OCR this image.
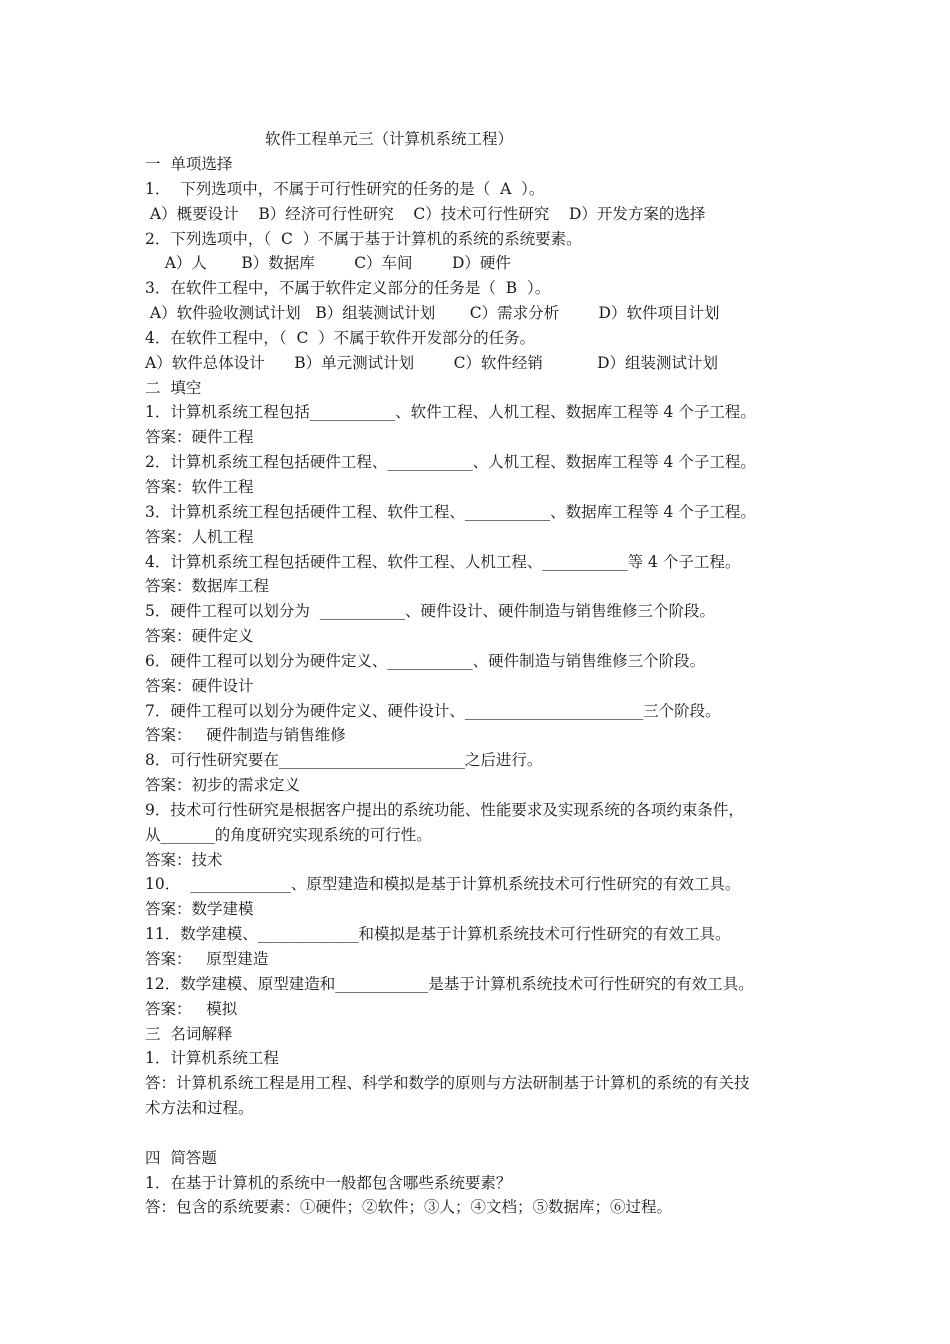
软件工程单元三（计算机系统工程）
一  单项选择
1．  下列选项中，不属于可行性研究的任务的是（  A  ）。
A）概要设计    B）经济可行性研究    C）技术可行性研究    D）开发方案的选择
2．下列选项中，（  C  ）不属于基于计算机的系统的系统要素。
A）人       B）数据库        C）车间        D）硬件
3．在软件工程中，不属于软件定义部分的任务是（  B  ）。
A）软件验收测试计划   B）组装测试计划       C）需求分析        D）软件项目计划
4．在软件工程中，（  C  ）不属于软件开发部分的任务。
A）软件总体设计      B）单元测试计划        C）软件经销           D）组装测试计划
二  填空
1．计算机系统工程包括___________、软件工程、人机工程、数据库工程等 4 个子工程。
答案：硬件工程
2．计算机系统工程包括硬件工程、___________、人机工程、数据库工程等 4 个子工程。
答案：软件工程
3．计算机系统工程包括硬件工程、软件工程、___________、数据库工程等 4 个子工程。
答案：人机工程
4．计算机系统工程包括硬件工程、软件工程、人机工程、___________等 4 个子工程。
答案：数据库工程
5．硬件工程可以划分为  ___________、硬件设计、硬件制造与销售维修三个阶段。
答案：硬件定义
6．硬件工程可以划分为硬件定义、___________、硬件制造与销售维修三个阶段。
答案：硬件设计
7．硬件工程可以划分为硬件定义、硬件设计、_______________________三个阶段。
答案：   硬件制造与销售维修
8．可行性研究要在________________________之后进行。
答案：初步的需求定义
9．技术可行性研究是根据客户提出的系统功能、性能要求及实现系统的各项约束条件，
从_______的角度研究实现系统的可行性。
答案：技术
10．  _____________、原型建造和模拟是基于计算机系统技术可行性研究的有效工具。
答案：数学建模
11．数学建模、_____________和模拟是基于计算机系统技术可行性研究的有效工具。
答案：   原型建造
12．数学建模、原型建造和____________是基于计算机系统技术可行性研究的有效工具。
答案：   模拟
三  名词解释
1．计算机系统工程
答：计算机系统工程是用工程、科学和数学的原则与方法研制基于计算机的系统的有关技
术方法和过程。
四  简答题
1．在基于计算机的系统中一般都包含哪些系统要素？
答：包含的系统要素：①硬件；②软件；③人；④文档；⑤数据库；⑥过程。
